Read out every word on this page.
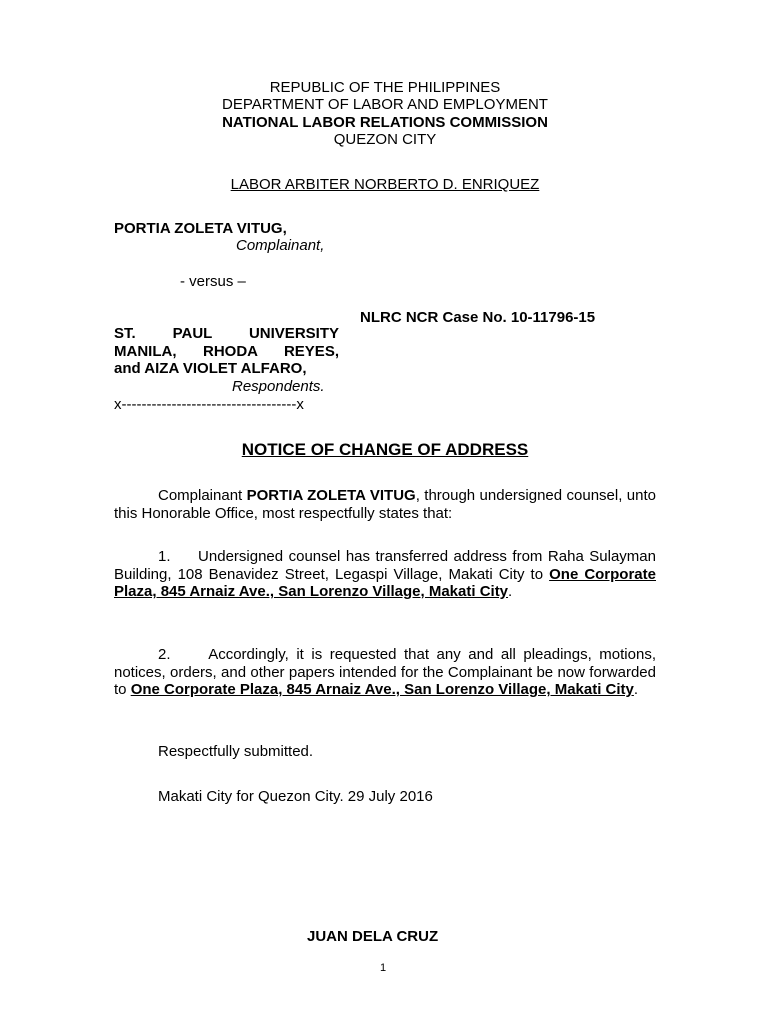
REPUBLIC OF THE PHILIPPINES
DEPARTMENT OF LABOR AND EMPLOYMENT
NATIONAL LABOR RELATIONS COMMISSION
QUEZON CITY
LABOR ARBITER NORBERTO D. ENRIQUEZ
PORTIA ZOLETA VITUG,
Complainant,
- versus –
NLRC NCR Case No. 10-11796-15
ST. PAUL UNIVERSITY
MANILA, RHODA REYES,
and AIZA VIOLET ALFARO,
Respondents.
x-----------------------------------x
NOTICE OF CHANGE OF ADDRESS
Complainant PORTIA ZOLETA VITUG, through undersigned counsel, unto this Honorable Office, most respectfully states that:
1. Undersigned counsel has transferred address from Raha Sulayman Building, 108 Benavidez Street, Legaspi Village, Makati City to One Corporate Plaza, 845 Arnaiz Ave., San Lorenzo Village, Makati City.
2.	Accordingly, it is requested that any and all pleadings, motions, notices, orders, and other papers intended for the Complainant be now forwarded to One Corporate Plaza, 845 Arnaiz Ave., San Lorenzo Village, Makati City.
Respectfully submitted.
Makati City for Quezon City. 29 July 2016
JUAN DELA CRUZ
1
